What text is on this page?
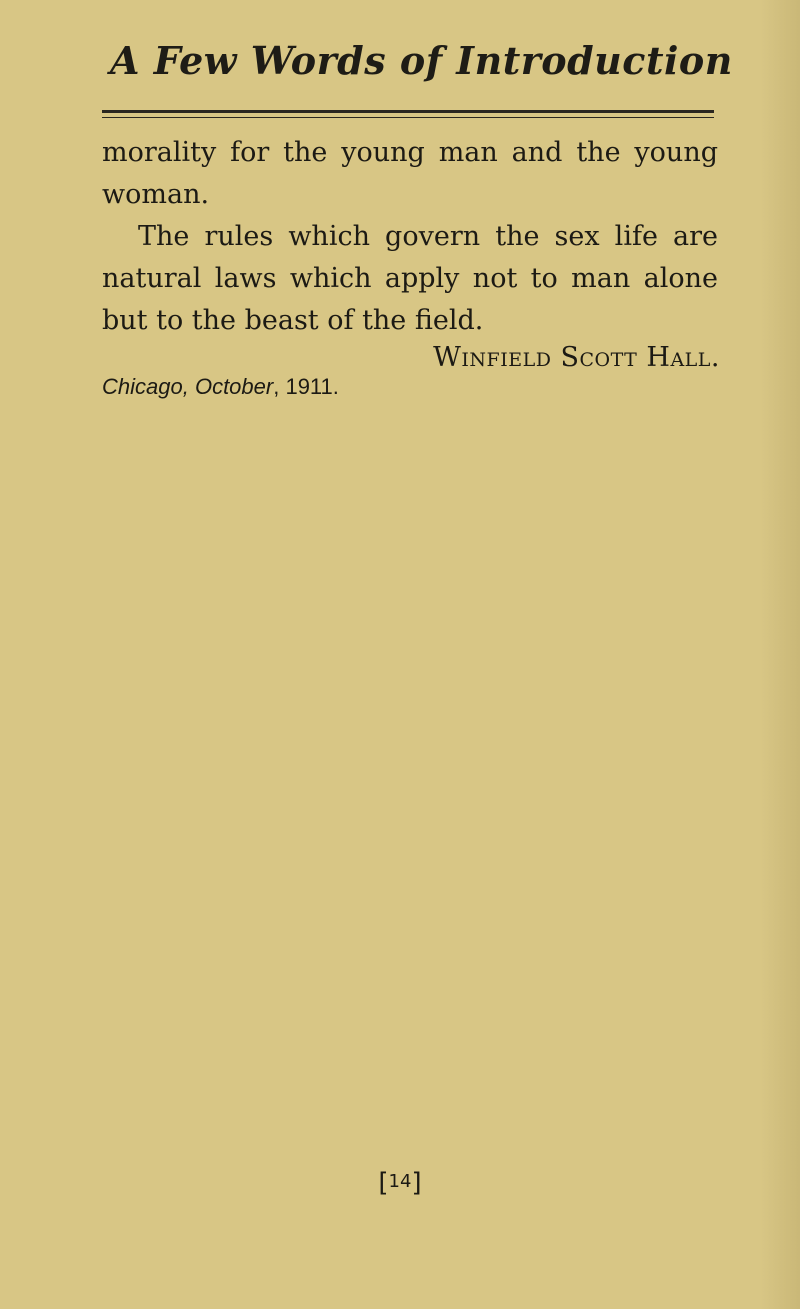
A Few Words of Introduction

morality for the young man and the young woman.

The rules which govern the sex life are natural laws which apply not to man alone but to the beast of the field.

Winfield Scott Hall.

Chicago, October, 1911.

[14]
